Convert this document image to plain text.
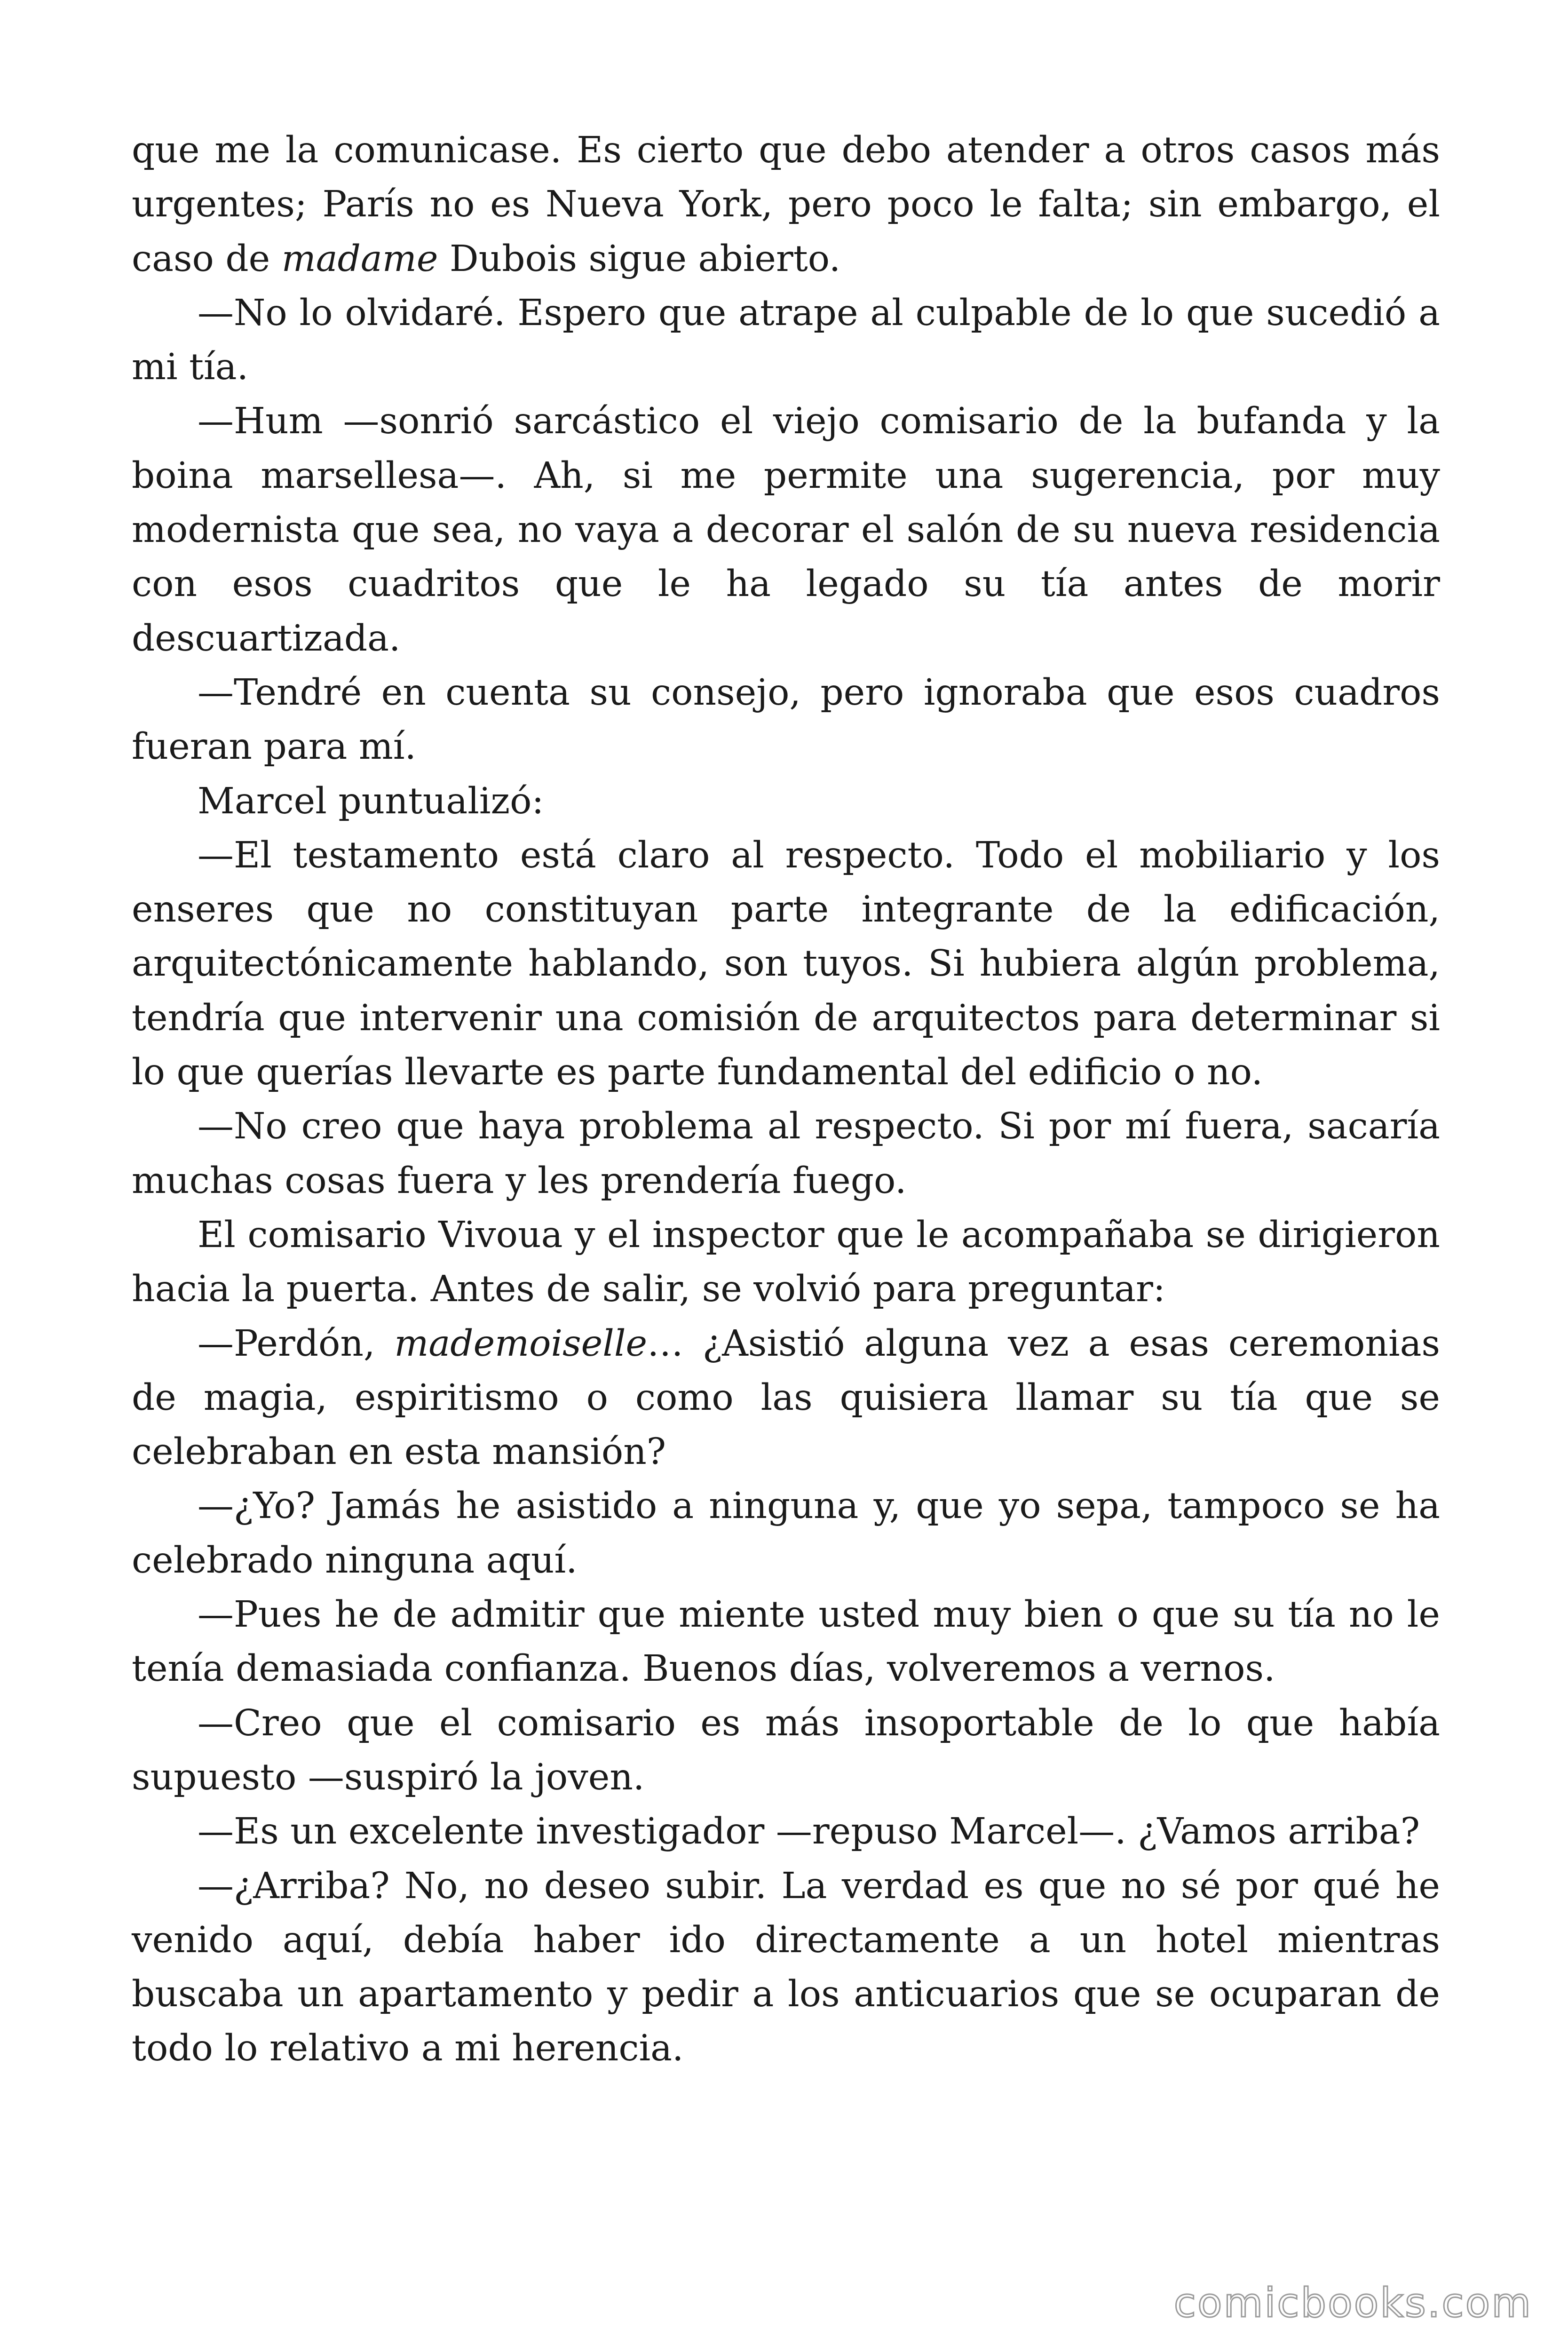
que me la comunicase. Es cierto que debo atender a otros casos más urgentes; París no es Nueva York, pero poco le falta; sin embargo, el caso de madame Dubois sigue abierto.

—No lo olvidaré. Espero que atrape al culpable de lo que sucedió a mi tía.

—Hum —sonrió sarcástico el viejo comisario de la bufanda y la boina marsellesa—. Ah, si me permite una sugerencia, por muy modernista que sea, no vaya a decorar el salón de su nueva residencia con esos cuadritos que le ha legado su tía antes de morir descuartizada.

—Tendré en cuenta su consejo, pero ignoraba que esos cuadros fueran para mí.

Marcel puntualizó:

—El testamento está claro al respecto. Todo el mobiliario y los enseres que no constituyan parte integrante de la edificación, arquitectónicamente hablando, son tuyos. Si hubiera algún problema, tendría que intervenir una comisión de arquitectos para determinar si lo que querías llevarte es parte fundamental del edificio o no.

—No creo que haya problema al respecto. Si por mí fuera, sacaría muchas cosas fuera y les prendería fuego.

El comisario Vivoua y el inspector que le acompañaba se dirigieron hacia la puerta. Antes de salir, se volvió para preguntar:

—Perdón, mademoiselle… ¿Asistió alguna vez a esas ceremonias de magia, espiritismo o como las quisiera llamar su tía que se celebraban en esta mansión?

—¿Yo? Jamás he asistido a ninguna y, que yo sepa, tampoco se ha celebrado ninguna aquí.

—Pues he de admitir que miente usted muy bien o que su tía no le tenía demasiada confianza. Buenos días, volveremos a vernos.

—Creo que el comisario es más insoportable de lo que había supuesto —suspiró la joven.

—Es un excelente investigador —repuso Marcel—. ¿Vamos arriba?

—¿Arriba? No, no deseo subir. La verdad es que no sé por qué he venido aquí, debía haber ido directamente a un hotel mientras buscaba un apartamento y pedir a los anticuarios que se ocuparan de todo lo relativo a mi herencia.

comicbooks.com
